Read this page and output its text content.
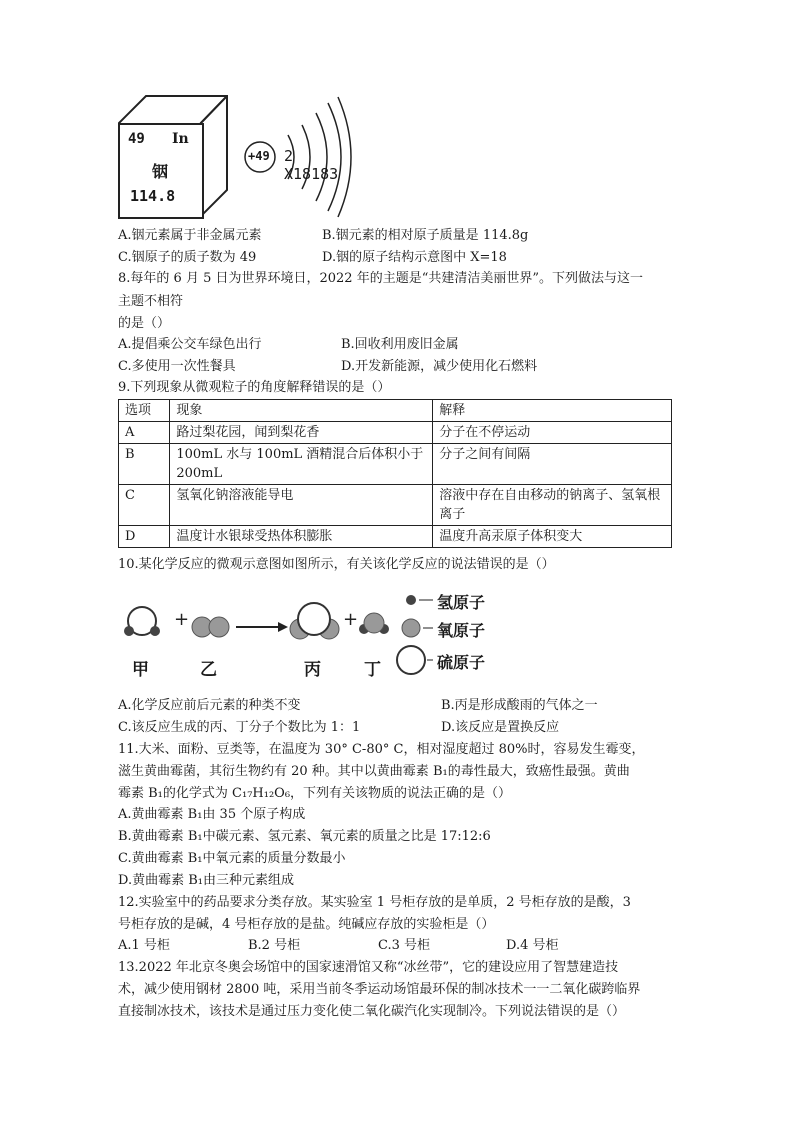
49 In
铟
114.8
+49 2 X18183
A.铟元素属于非金属元素	B.铟元素的相对原子质量是 114.8g
C.铟原子的质子数为 49	D.铟的原子结构示意图中 X=18
8.每年的 6 月 5 日为世界环境日，2022 年的主题是“共建清洁美丽世界”。下列做法与这一
主题不相符
的是（）
A.提倡乘公交车绿色出行	B.回收利用废旧金属
C.多使用一次性餐具	D.开发新能源，减少使用化石燃料
9.下列现象从微观粒子的角度解释错误的是（）
选项	现象	解释
A	路过梨花园，闻到梨花香	分子在不停运动
B	100mL 水与 100mL 酒精混合后体积小于 200mL	分子之间有间隔
C	氢氧化钠溶液能导电	溶液中存在自由移动的钠离子、氢氧根离子
D	温度计水银球受热体积膨胀	温度升高汞原子体积变大
10.某化学反应的微观示意图如图所示，有关该化学反应的说法错误的是（）
+	+
甲	乙	丙	丁
氢原子
氧原子
硫原子
A.化学反应前后元素的种类不变	B.丙是形成酸雨的气体之一
C.该反应生成的丙、丁分子个数比为 1：1	D.该反应是置换反应
11.大米、面粉、豆类等，在温度为 30° C-80° C，相对湿度超过 80%时，容易发生霉变，
滋生黄曲霉菌，其衍生物约有 20 种。其中以黄曲霉素 B₁的毒性最大，致癌性最强。黄曲
霉素 B₁的化学式为 C₁₇H₁₂O₆，下列有关该物质的说法正确的是（）
A.黄曲霉素 B₁由 35 个原子构成
B.黄曲霉素 B₁中碳元素、氢元素、氧元素的质量之比是 17:12:6
C.黄曲霉素 B₁中氧元素的质量分数最小
D.黄曲霉素 B₁由三种元素组成
12.实验室中的药品要求分类存放。某实验室 1 号柜存放的是单质，2 号柜存放的是酸，3
号柜存放的是碱，4 号柜存放的是盐。纯碱应存放的实验柜是（）
A.1 号柜	B.2 号柜	C.3 号柜	D.4 号柜
13.2022 年北京冬奥会场馆中的国家速滑馆又称“冰丝带”，它的建设应用了智慧建造技
术，减少使用钢材 2800 吨，采用当前冬季运动场馆最环保的制冰技术一一二氧化碳跨临界
直接制冰技术，该技术是通过压力变化使二氧化碳汽化实现制冷。下列说法错误的是（）
